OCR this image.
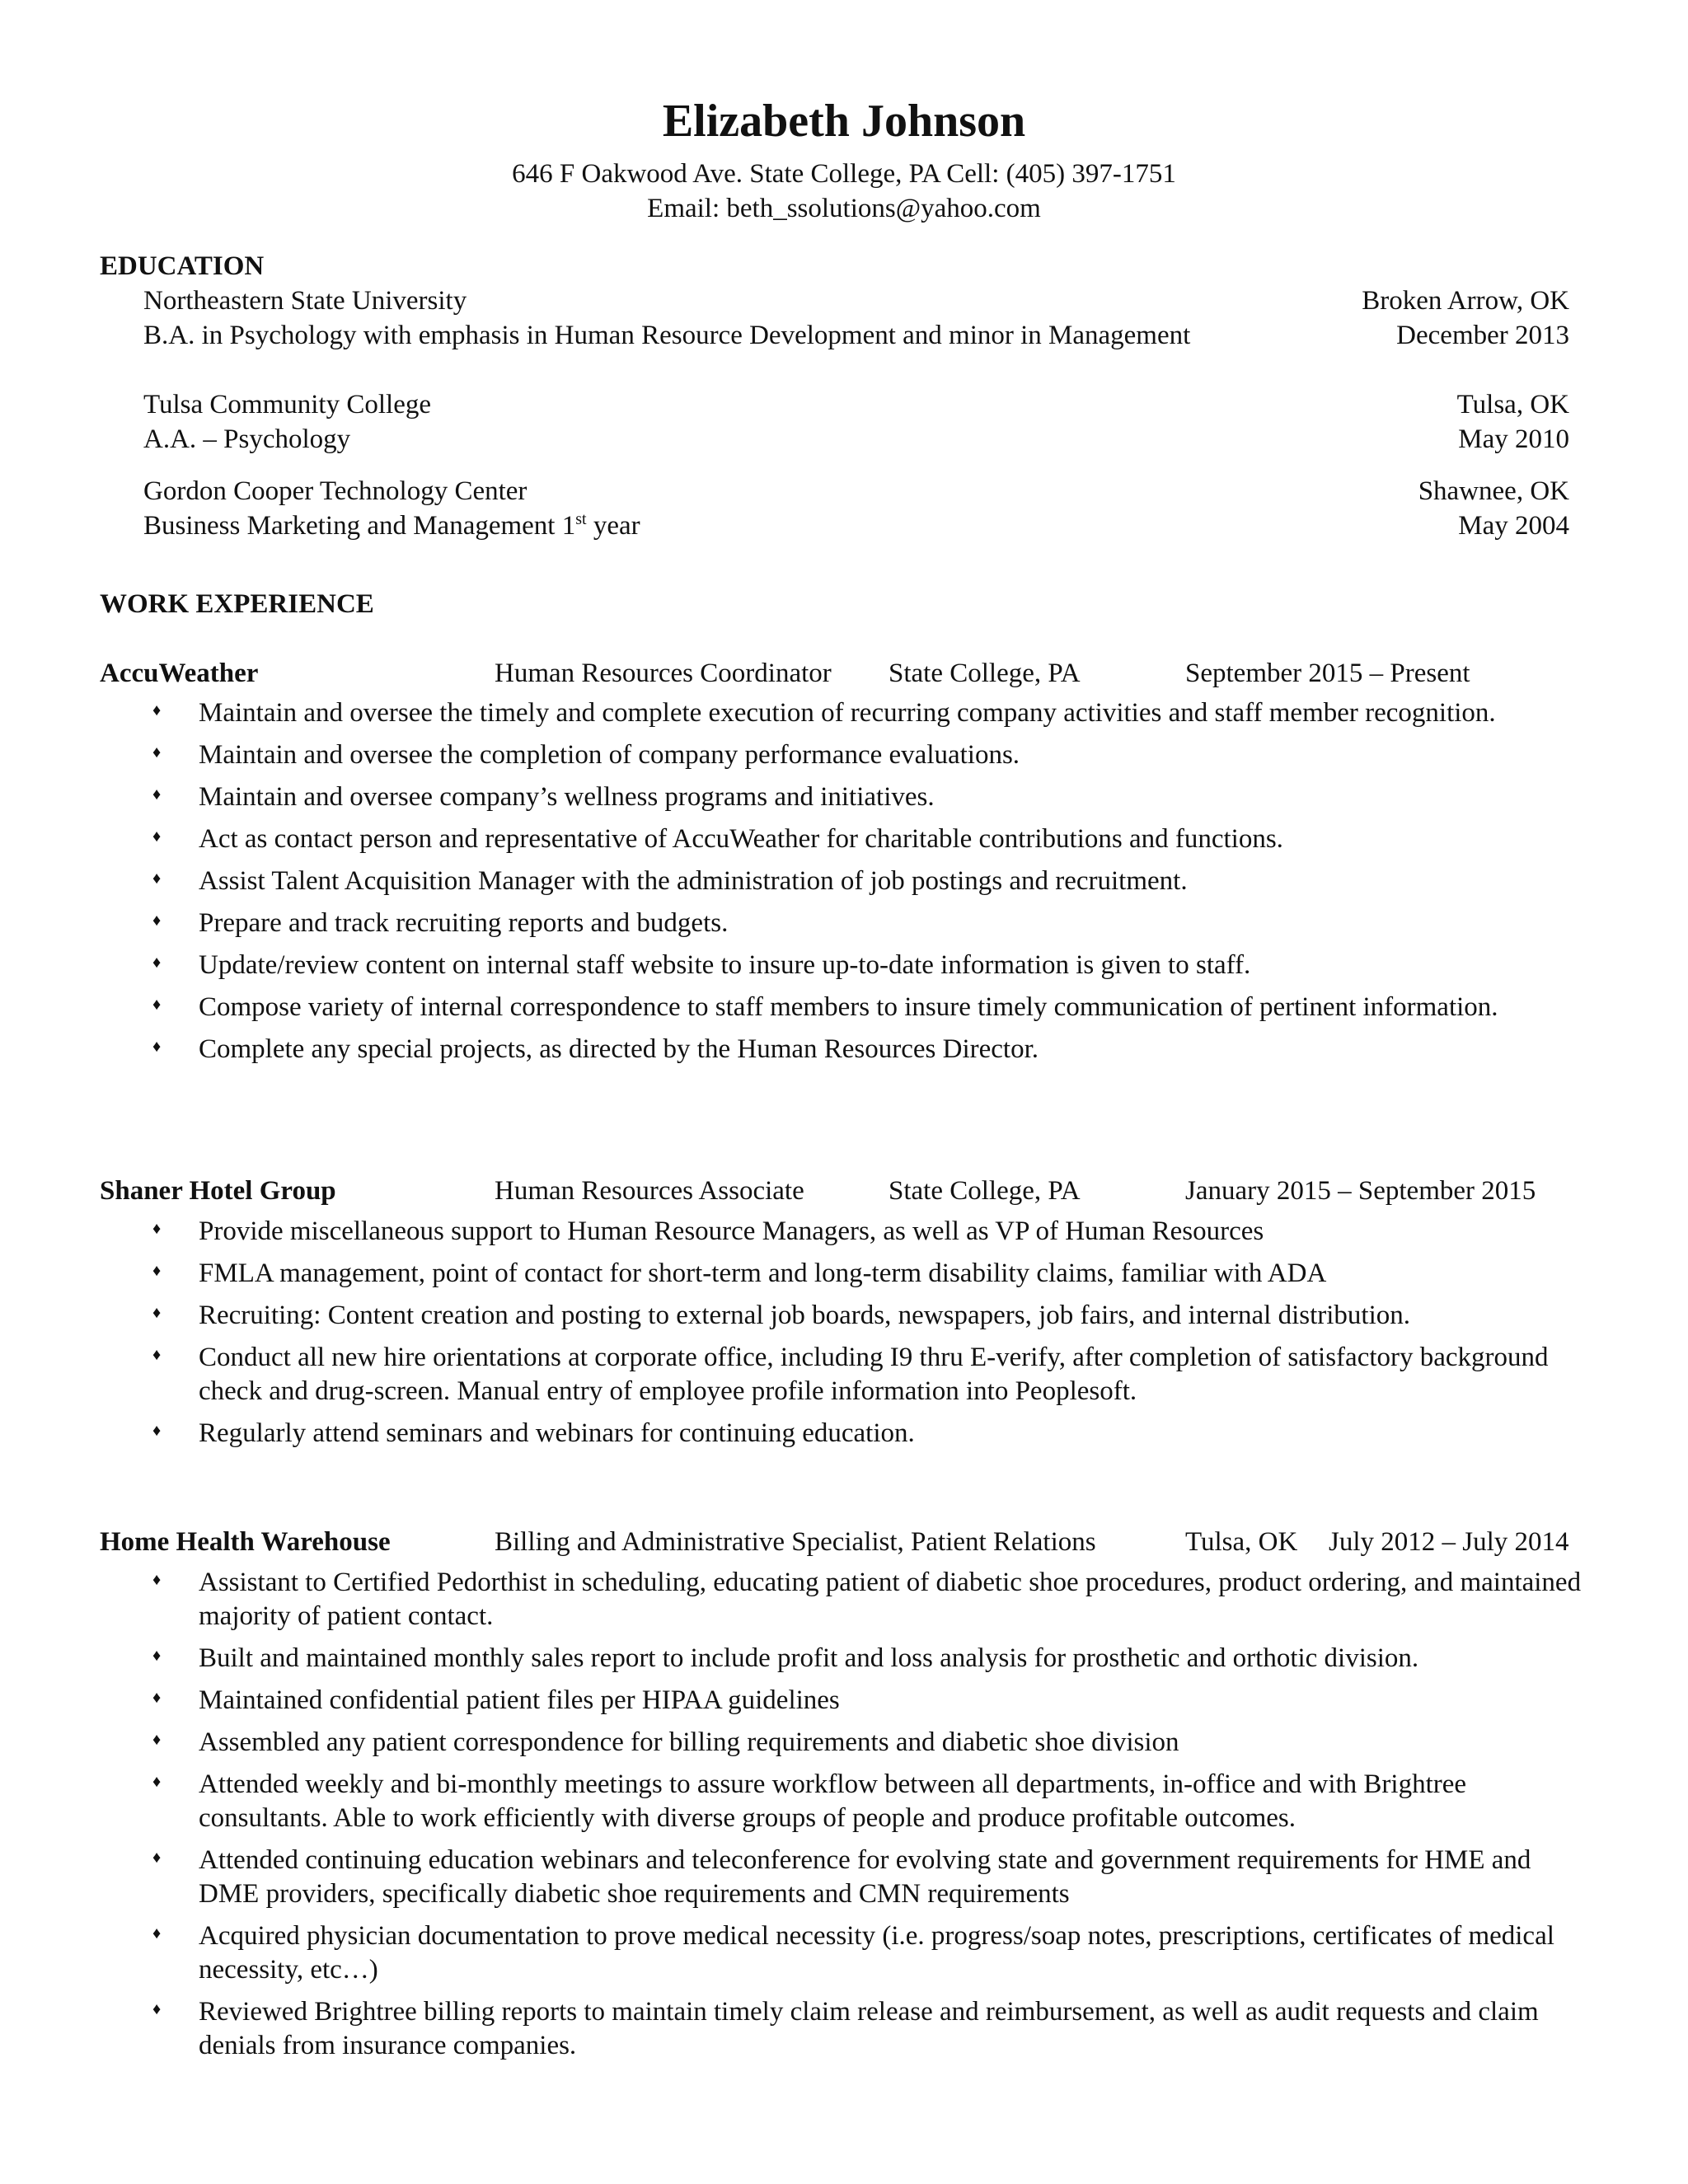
Elizabeth Johnson
646 F Oakwood Ave. State College, PA Cell: (405) 397-1751
Email: beth_ssolutions@yahoo.com
EDUCATION
Northeastern State University	Broken Arrow, OK
B.A. in Psychology with emphasis in Human Resource Development and minor in Management	December 2013
Tulsa Community College	Tulsa, OK
A.A. – Psychology	May 2010
Gordon Cooper Technology Center	Shawnee, OK
Business Marketing and Management 1st year	May 2004
WORK EXPERIENCE
AccuWeather	Human Resources Coordinator State College, PA	September 2015 – Present
♦ Maintain and oversee the timely and complete execution of recurring company activities and staff member recognition.
♦ Maintain and oversee the completion of company performance evaluations.
♦ Maintain and oversee company’s wellness programs and initiatives.
♦ Act as contact person and representative of AccuWeather for charitable contributions and functions.
♦ Assist Talent Acquisition Manager with the administration of job postings and recruitment.
♦ Prepare and track recruiting reports and budgets.
♦ Update/review content on internal staff website to insure up-to-date information is given to staff.
♦ Compose variety of internal correspondence to staff members to insure timely communication of pertinent information.
♦ Complete any special projects, as directed by the Human Resources Director.
Shaner Hotel Group	Human Resources Associate	State College, PA	January 2015 – September 2015
♦ Provide miscellaneous support to Human Resource Managers, as well as VP of Human Resources
♦ FMLA management, point of contact for short-term and long-term disability claims, familiar with ADA
♦ Recruiting: Content creation and posting to external job boards, newspapers, job fairs, and internal distribution.
♦ Conduct all new hire orientations at corporate office, including I9 thru E-verify, after completion of satisfactory background check and drug-screen. Manual entry of employee profile information into Peoplesoft.
♦ Regularly attend seminars and webinars for continuing education.
Home Health Warehouse	Billing and Administrative Specialist, Patient Relations	Tulsa, OK July 2012 – July 2014
♦ Assistant to Certified Pedorthist in scheduling, educating patient of diabetic shoe procedures, product ordering, and maintained majority of patient contact.
♦ Built and maintained monthly sales report to include profit and loss analysis for prosthetic and orthotic division.
♦ Maintained confidential patient files per HIPAA guidelines
♦ Assembled any patient correspondence for billing requirements and diabetic shoe division
♦ Attended weekly and bi-monthly meetings to assure workflow between all departments, in-office and with Brightree consultants. Able to work efficiently with diverse groups of people and produce profitable outcomes.
♦ Attended continuing education webinars and teleconference for evolving state and government requirements for HME and DME providers, specifically diabetic shoe requirements and CMN requirements
♦ Acquired physician documentation to prove medical necessity (i.e. progress/soap notes, prescriptions, certificates of medical necessity, etc…)
♦ Reviewed Brightree billing reports to maintain timely claim release and reimbursement, as well as audit requests and claim denials from insurance companies.
